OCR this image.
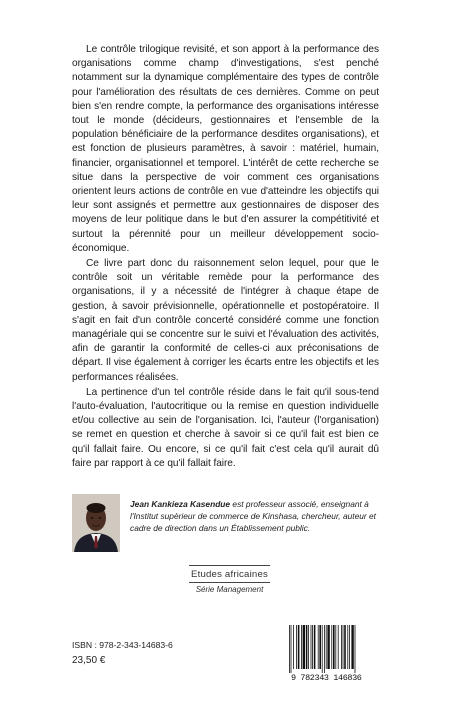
Le contrôle trilogique revisité, et son apport à la performance des organisations comme champ d'investigations, s'est penché notamment sur la dynamique complémentaire des types de contrôle pour l'amélioration des résultats de ces dernières. Comme on peut bien s'en rendre compte, la performance des organisations intéresse tout le monde (décideurs, gestionnaires et l'ensemble de la population bénéficiaire de la performance desdites organisations), et est fonction de plusieurs paramètres, à savoir : matériel, humain, financier, organisationnel et temporel. L'intérêt de cette recherche se situe dans la perspective de voir comment ces organisations orientent leurs actions de contrôle en vue d'atteindre les objectifs qui leur sont assignés et permettre aux gestionnaires de disposer des moyens de leur politique dans le but d'en assurer la compétitivité et surtout la pérennité pour un meilleur développement socio-économique.

Ce livre part donc du raisonnement selon lequel, pour que le contrôle soit un véritable remède pour la performance des organisations, il y a nécessité de l'intégrer à chaque étape de gestion, à savoir prévisionnelle, opérationnelle et postopératoire. Il s'agit en fait d'un contrôle concerté considéré comme une fonction managériale qui se concentre sur le suivi et l'évaluation des activités, afin de garantir la conformité de celles-ci aux préconisations de départ. Il vise également à corriger les écarts entre les objectifs et les performances réalisées.

La pertinence d'un tel contrôle réside dans le fait qu'il sous-tend l'auto-évaluation, l'autocritique ou la remise en question individuelle et/ou collective au sein de l'organisation. Ici, l'auteur (l'organisation) se remet en question et cherche à savoir si ce qu'il fait est bien ce qu'il fallait faire. Ou encore, si ce qu'il fait c'est cela qu'il aurait dû faire par rapport à ce qu'il fallait faire.

Jean Kankieza Kasendue est professeur associé, enseignant à l'Institut supèrieur de commerce de Kinshasa, chercheur, auteur et cadre de direction dans un Établissement public.
Etudes africaines
Série Management
ISBN : 978-2-343-14683-6
23,50 €
9 782343 146836
